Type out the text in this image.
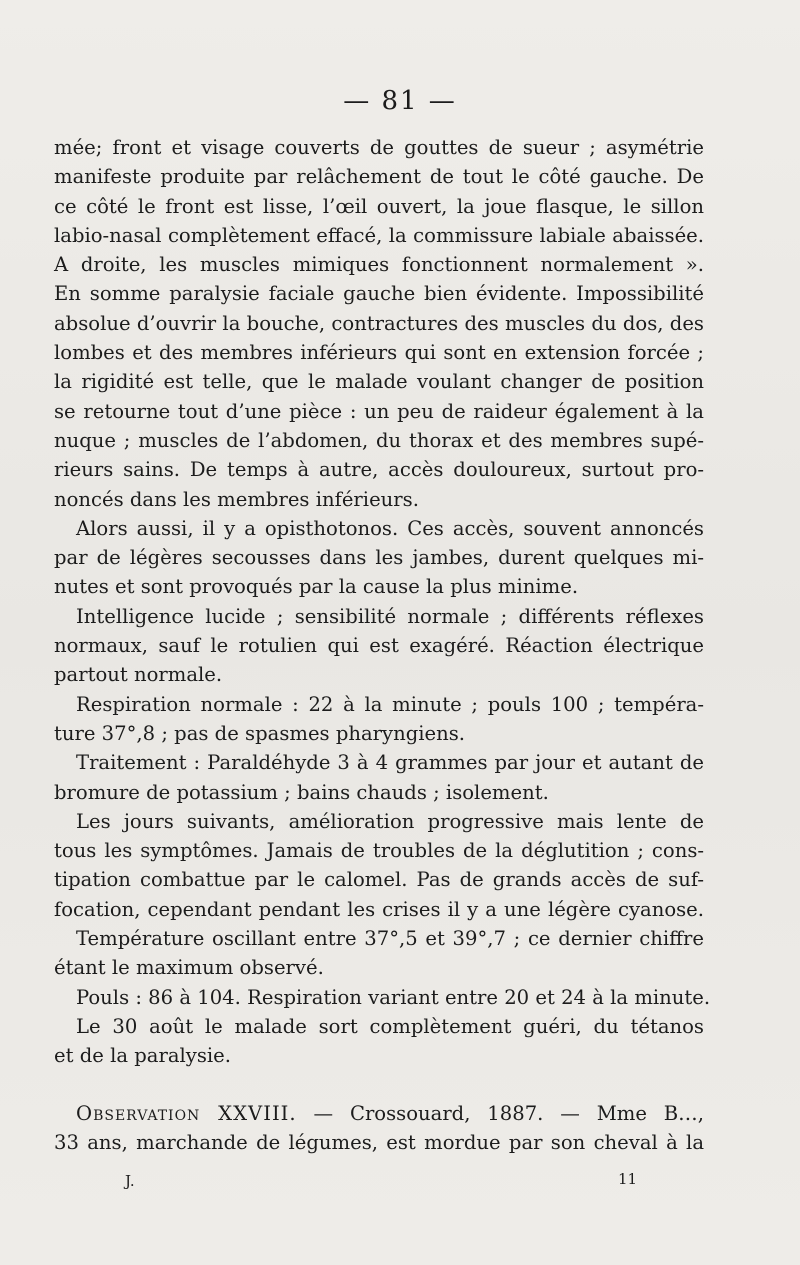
— 81 —
mée; front et visage couverts de gouttes de sueur ; asymétrie
manifeste produite par relâchement de tout le côté gauche. De
ce côté le front est lisse, l’œil ouvert, la joue flasque, le sillon
labio-nasal complètement effacé, la commissure labiale abaissée.
A droite, les muscles mimiques fonctionnent normalement ».
En somme paralysie faciale gauche bien évidente. Impossibilité
absolue d’ouvrir la bouche, contractures des muscles du dos, des
lombes et des membres inférieurs qui sont en extension forcée ;
la rigidité est telle, que le malade voulant changer de position
se retourne tout d’une pièce : un peu de raideur également à la
nuque ; muscles de l’abdomen, du thorax et des membres supé-
rieurs sains. De temps à autre, accès douloureux, surtout pro-
noncés dans les membres inférieurs.
Alors aussi, il y a opisthotonos. Ces accès, souvent annoncés
par de légères secousses dans les jambes, durent quelques mi-
nutes et sont provoqués par la cause la plus minime.
Intelligence lucide ; sensibilité normale ; différents réflexes
normaux, sauf le rotulien qui est exagéré. Réaction électrique
partout normale.
Respiration normale : 22 à la minute ; pouls 100 ; tempéra-
ture 37°,8 ; pas de spasmes pharyngiens.
Traitement : Paraldéhyde 3 à 4 grammes par jour et autant de
bromure de potassium ; bains chauds ; isolement.
Les jours suivants, amélioration progressive mais lente de
tous les symptômes. Jamais de troubles de la déglutition ; cons-
tipation combattue par le calomel. Pas de grands accès de suf-
focation, cependant pendant les crises il y a une légère cyanose.
Température oscillant entre 37°,5 et 39°,7 ; ce dernier chiffre
étant le maximum observé.
Pouls : 86 à 104. Respiration variant entre 20 et 24 à la minute.
Le 30 août le malade sort complètement guéri, du tétanos
et de la paralysie.
Observation XXVIII. — Crossouard, 1887. — Mme B…,
33 ans, marchande de légumes, est mordue par son cheval à la
J.	11
